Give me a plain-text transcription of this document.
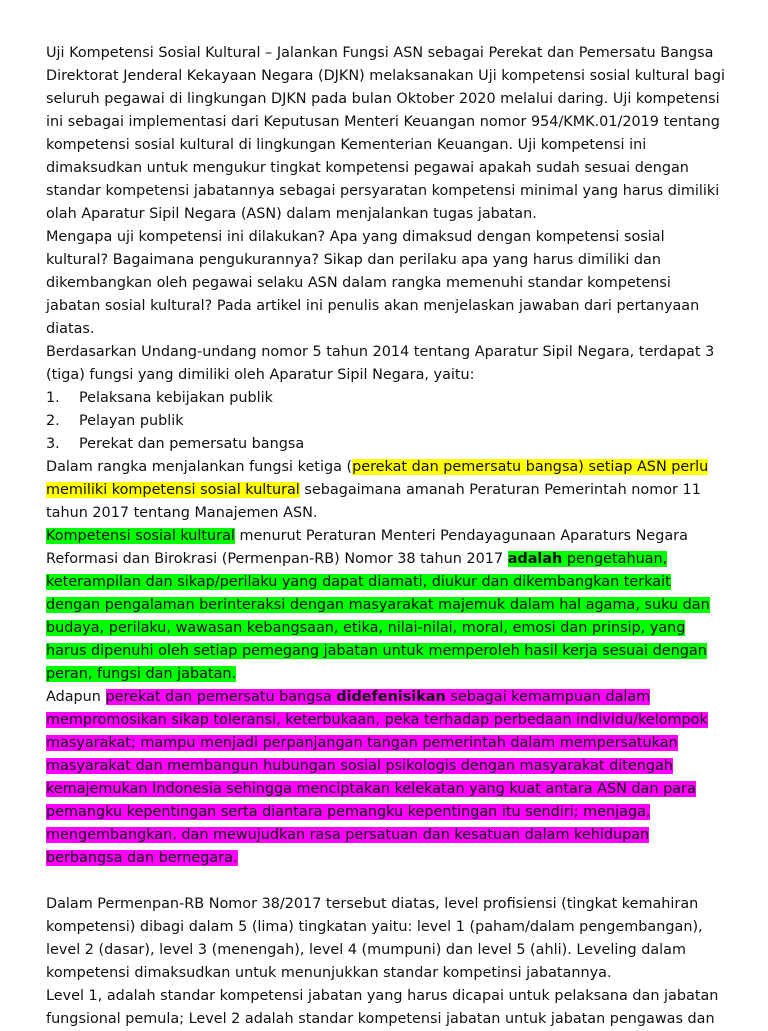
Uji Kompetensi Sosial Kultural – Jalankan Fungsi ASN sebagai Perekat dan Pemersatu Bangsa
Direktorat Jenderal Kekayaan Negara (DJKN) melaksanakan Uji kompetensi sosial kultural bagi seluruh pegawai di lingkungan DJKN pada bulan Oktober 2020 melalui daring. Uji kompetensi ini sebagai implementasi dari Keputusan Menteri Keuangan nomor 954/KMK.01/2019 tentang kompetensi sosial kultural di lingkungan Kementerian Keuangan. Uji kompetensi ini dimaksudkan untuk mengukur tingkat kompetensi pegawai apakah sudah sesuai dengan standar kompetensi jabatannya sebagai persyaratan kompetensi minimal yang harus dimiliki olah Aparatur Sipil Negara (ASN) dalam menjalankan tugas jabatan.
Mengapa uji kompetensi ini dilakukan? Apa yang dimaksud dengan kompetensi sosial kultural? Bagaimana pengukurannya? Sikap dan perilaku apa yang harus dimiliki dan dikembangkan oleh pegawai selaku ASN dalam rangka memenuhi standar kompetensi jabatan sosial kultural? Pada artikel ini penulis akan menjelaskan jawaban dari pertanyaan diatas.
Berdasarkan Undang-undang nomor 5 tahun 2014 tentang Aparatur Sipil Negara, terdapat 3 (tiga) fungsi yang dimiliki oleh Aparatur Sipil Negara, yaitu:
1.	Pelaksana kebijakan publik
2.	Pelayan publik
3.	Perekat dan pemersatu bangsa
Dalam rangka menjalankan fungsi ketiga (perekat dan pemersatu bangsa) setiap ASN perlu memiliki kompetensi sosial kultural sebagaimana amanah Peraturan Pemerintah nomor 11 tahun 2017 tentang Manajemen ASN.
Kompetensi sosial kultural menurut Peraturan Menteri Pendayagunaan Aparaturs Negara Reformasi dan Birokrasi (Permenpan-RB) Nomor 38 tahun 2017 adalah pengetahuan, keterampilan dan sikap/perilaku yang dapat diamati, diukur dan dikembangkan terkait dengan pengalaman berinteraksi dengan masyarakat majemuk dalam hal agama, suku dan budaya, perilaku, wawasan kebangsaan, etika, nilai-nilai, moral, emosi dan prinsip, yang harus dipenuhi oleh setiap pemegang jabatan untuk memperoleh hasil kerja sesuai dengan peran, fungsi dan jabatan.
Adapun perekat dan pemersatu bangsa didefenisikan sebagai kemampuan dalam mempromosikan sikap toleransi, keterbukaan, peka terhadap perbedaan individu/kelompok masyarakat; mampu menjadi perpanjangan tangan pemerintah dalam mempersatukan masyarakat dan membangun hubungan sosial psikologis dengan masyarakat ditengah kemajemukan Indonesia sehingga menciptakan kelekatan yang kuat antara ASN dan para pemangku kepentingan serta diantara pemangku kepentingan itu sendiri; menjaga, mengembangkan, dan mewujudkan rasa persatuan dan kesatuan dalam kehidupan berbangsa dan bernegara.
Dalam Permenpan-RB Nomor 38/2017 tersebut diatas, level profisiensi (tingkat kemahiran kompetensi) dibagi dalam 5 (lima) tingkatan yaitu: level 1 (paham/dalam pengembangan), level 2 (dasar), level 3 (menengah), level 4 (mumpuni) dan level 5 (ahli). Leveling dalam kompetensi dimaksudkan untuk menunjukkan standar kompetinsi jabatannya.
Level 1, adalah standar kompetensi jabatan yang harus dicapai untuk pelaksana dan jabatan fungsional pemula; Level 2 adalah standar kompetensi jabatan untuk jabatan pengawas dan
